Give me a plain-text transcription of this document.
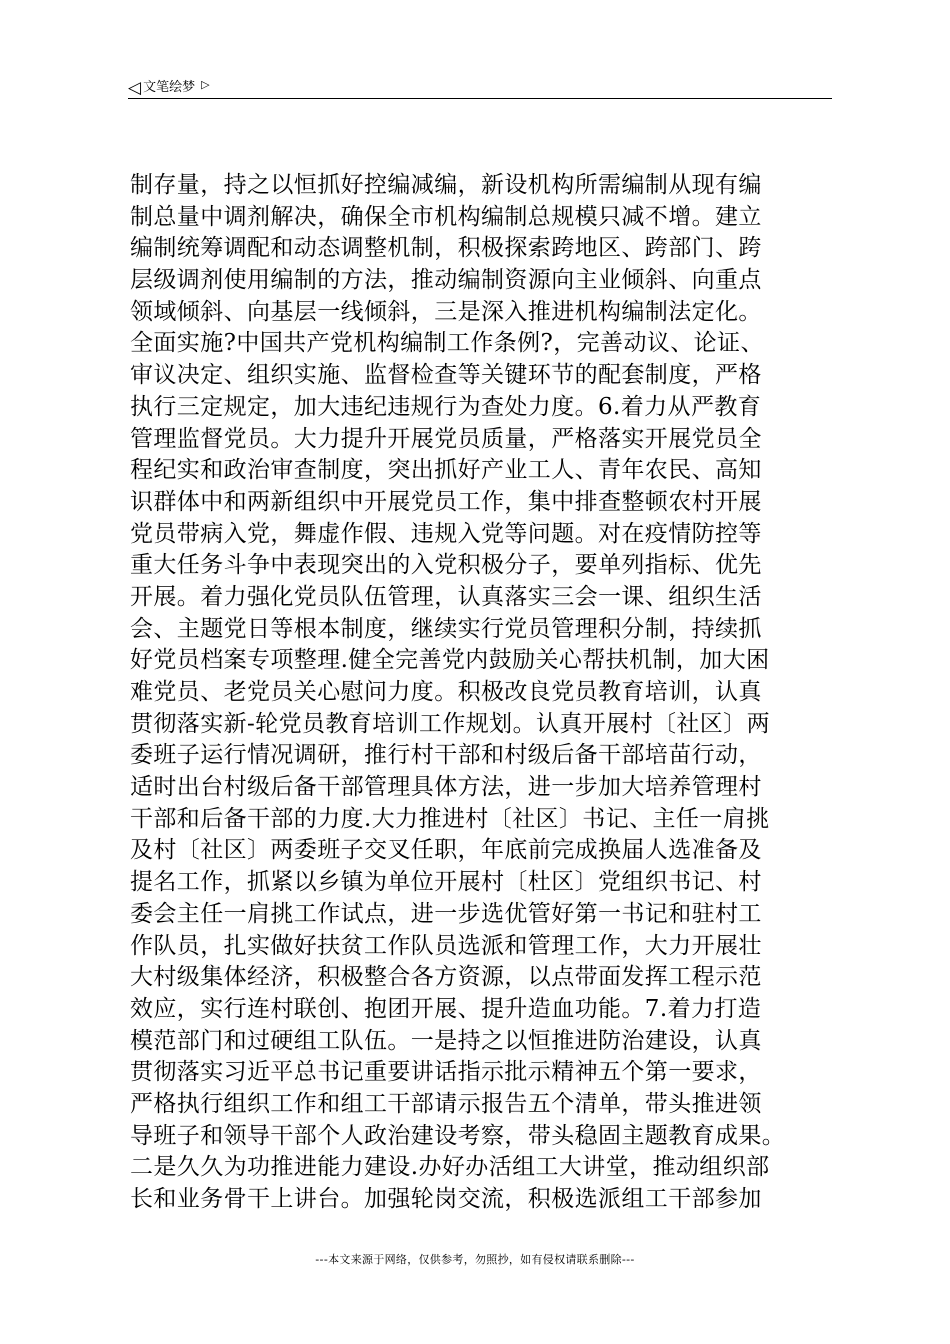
◁ 文笔绘梦 ▷
制存量，持之以恒抓好控编减编，新设机构所需编制从现有编
制总量中调剂解决，确保全市机构编制总规模只减不增。建立
编制统筹调配和动态调整机制，积极探索跨地区、跨部门、跨
层级调剂使用编制的方法，推动编制资源向主业倾斜、向重点
领域倾斜、向基层一线倾斜，三是深入推进机构编制法定化。
全面实施?中国共产党机构编制工作条例?，完善动议、论证、
审议决定、组织实施、监督检查等关键环节的配套制度，严格
执行三定规定，加大违纪违规行为查处力度。6.着力从严教育
管理监督党员。大力提升开展党员质量，严格落实开展党员全
程纪实和政治审查制度，突出抓好产业工人、青年农民、高知
识群体中和两新组织中开展党员工作，集中排查整顿农村开展
党员带病入党，舞虚作假、违规入党等问题。对在疫情防控等
重大任务斗争中表现突出的入党积极分子，要单列指标、优先
开展。着力强化党员队伍管理，认真落实三会一课、组织生活
会、主题党日等根本制度，继续实行党员管理积分制，持续抓
好党员档案专项整理.健全完善党内鼓励关心帮扶机制，加大困
难党员、老党员关心慰问力度。积极改良党员教育培训，认真
贯彻落实新-轮党员教育培训工作规划。认真开展村〔社区〕两
委班子运行情况调研，推行村干部和村级后备干部培苗行动，
适时出台村级后备干部管理具体方法，进一步加大培养管理村
干部和后备干部的力度.大力推进村〔社区〕书记、主任一肩挑
及村〔社区〕两委班子交叉任职，年底前完成换届人选准备及
提名工作，抓紧以乡镇为单位开展村〔杜区〕党组织书记、村
委会主任一肩挑工作试点，进一步选优管好第一书记和驻村工
作队员，扎实做好扶贫工作队员选派和管理工作，大力开展壮
大村级集体经济，积极整合各方资源，以点带面发挥工程示范
效应，实行连村联创、抱团开展、提升造血功能。7.着力打造
模范部门和过硬组工队伍。一是持之以恒推进防治建设，认真
贯彻落实习近平总书记重要讲话指示批示精神五个第一要求，
严格执行组织工作和组工干部请示报告五个清单，带头推进领
导班子和领导干部个人政治建设考察，带头稳固主题教育成果。
二是久久为功推进能力建设.办好办活组工大讲堂，推动组织部
长和业务骨干上讲台。加强轮岗交流，积极选派组工干部参加
---本文来源于网络，仅供参考，勿照抄，如有侵权请联系删除---
